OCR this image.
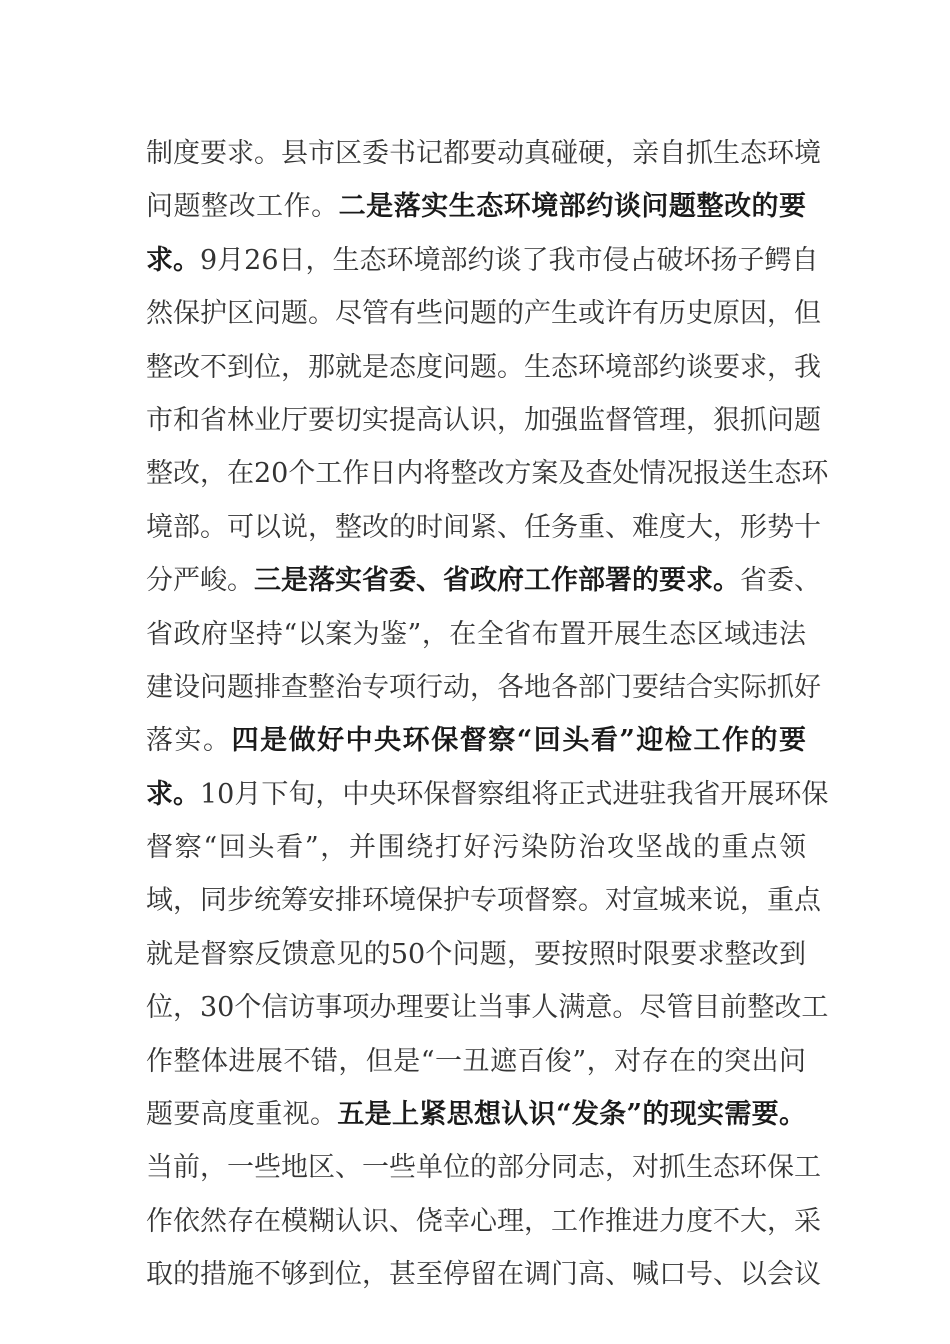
制度要求。县市区委书记都要动真碰硬，亲自抓生态环境
问题整改工作。二是落实生态环境部约谈问题整改的要
求。9月26日，生态环境部约谈了我市侵占破坏扬子鳄自
然保护区问题。尽管有些问题的产生或许有历史原因，但
整改不到位，那就是态度问题。生态环境部约谈要求，我
市和省林业厅要切实提高认识，加强监督管理，狠抓问题
整改，在20个工作日内将整改方案及查处情况报送生态环
境部。可以说，整改的时间紧、任务重、难度大，形势十
分严峻。三是落实省委、省政府工作部署的要求。省委、
省政府坚持“以案为鉴”，在全省布置开展生态区域违法
建设问题排查整治专项行动，各地各部门要结合实际抓好
落实。四是做好中央环保督察“回头看”迎检工作的要
求。10月下旬，中央环保督察组将正式进驻我省开展环保
督察“回头看”，并围绕打好污染防治攻坚战的重点领
域，同步统筹安排环境保护专项督察。对宣城来说，重点
就是督察反馈意见的50个问题，要按照时限要求整改到
位，30个信访事项办理要让当事人满意。尽管目前整改工
作整体进展不错，但是“一丑遮百俊”，对存在的突出问
题要高度重视。五是上紧思想认识“发条”的现实需要。
当前，一些地区、一些单位的部分同志，对抓生态环保工
作依然存在模糊认识、侥幸心理，工作推进力度不大，采
取的措施不够到位，甚至停留在调门高、喊口号、以会议
